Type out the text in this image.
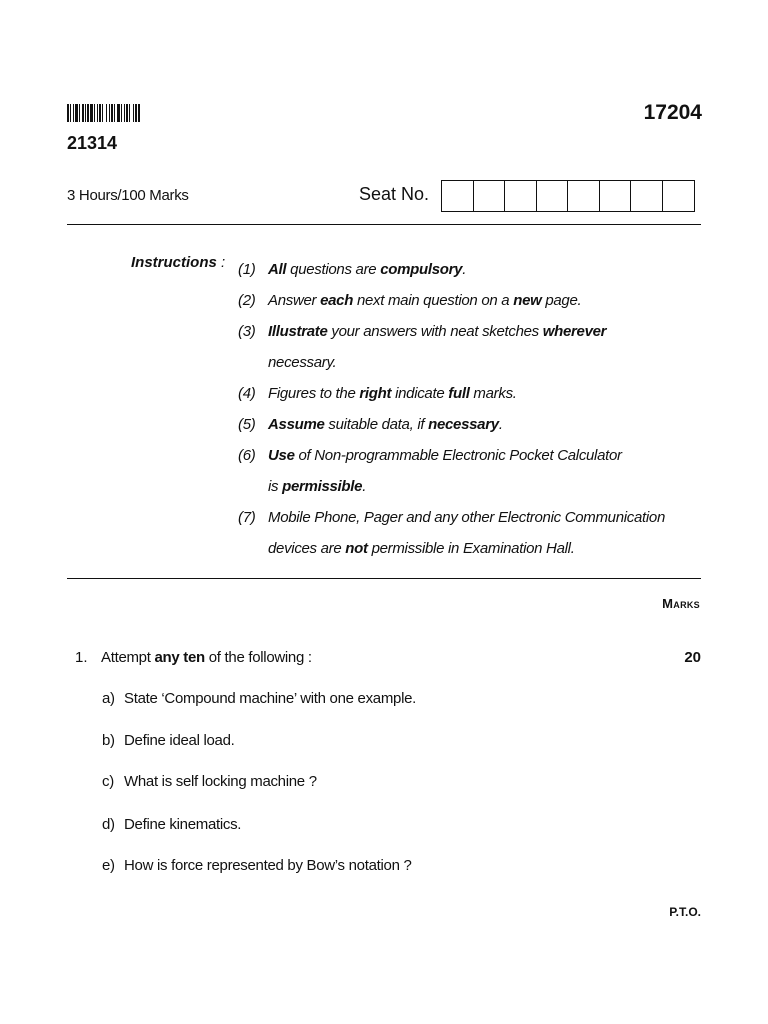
17204
21314
3 Hours/100 Marks	Seat No.
Instructions : (1) All questions are compulsory.
(2) Answer each next main question on a new page.
(3) Illustrate your answers with neat sketches wherever
necessary.
(4) Figures to the right indicate full marks.
(5) Assume suitable data, if necessary.
(6) Use of Non-programmable Electronic Pocket Calculator
is permissible.
(7) Mobile Phone, Pager and any other Electronic Communication
devices are not permissible in Examination Hall.
Marks
1. Attempt any ten of the following :	20
a) State ‘Compound machine’ with one example.
b) Define ideal load.
c) What is self locking machine ?
d) Define kinematics.
e) How is force represented by Bow’s notation ?
P.T.O.
